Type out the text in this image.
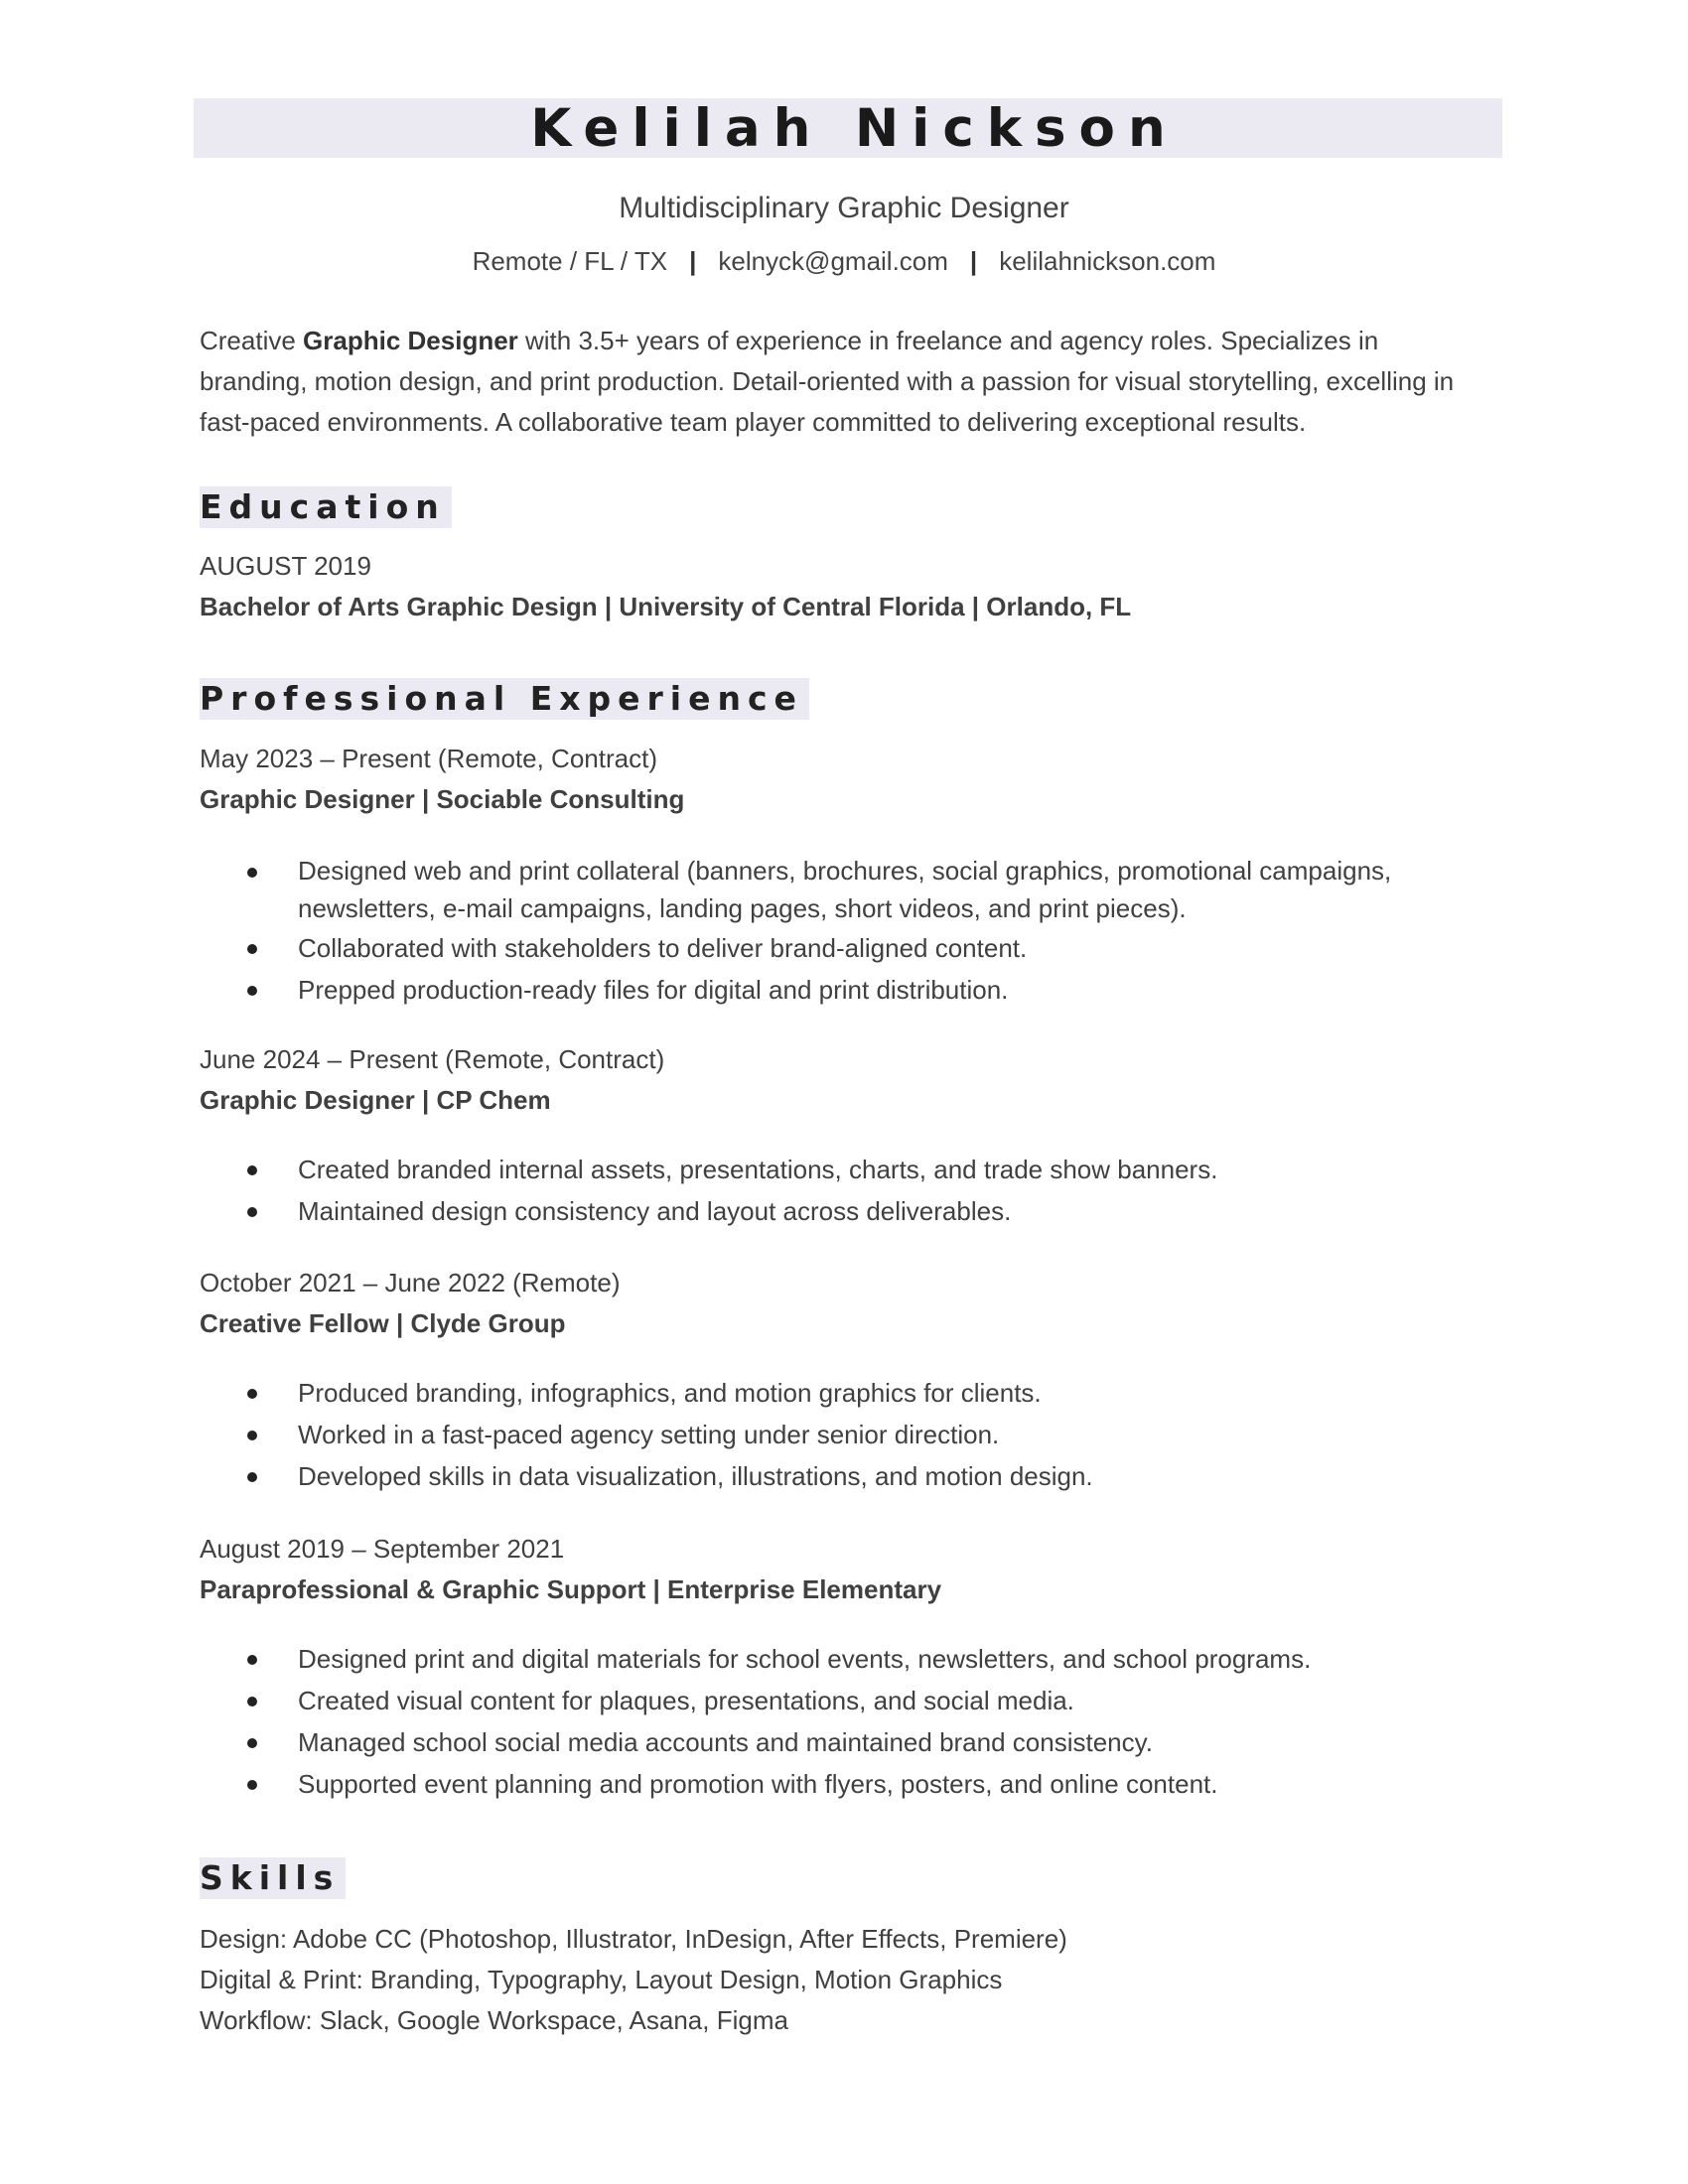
Kelilah Nickson
Multidisciplinary Graphic Designer
Remote / FL / TX | kelnyck@gmail.com | kelilahnickson.com
Creative Graphic Designer with 3.5+ years of experience in freelance and agency roles. Specializes in branding, motion design, and print production. Detail-oriented with a passion for visual storytelling, excelling in fast-paced environments. A collaborative team player committed to delivering exceptional results.
Education
AUGUST 2019
Bachelor of Arts Graphic Design | University of Central Florida | Orlando, FL
Professional Experience
May 2023 – Present (Remote, Contract)
Graphic Designer | Sociable Consulting
Designed web and print collateral (banners, brochures, social graphics, promotional campaigns, newsletters, e-mail campaigns, landing pages, short videos, and print pieces).
Collaborated with stakeholders to deliver brand-aligned content.
Prepped production-ready files for digital and print distribution.
June 2024 – Present (Remote, Contract)
Graphic Designer | CP Chem
Created branded internal assets, presentations, charts, and trade show banners.
Maintained design consistency and layout across deliverables.
October 2021 – June 2022 (Remote)
Creative Fellow | Clyde Group
Produced branding, infographics, and motion graphics for clients.
Worked in a fast-paced agency setting under senior direction.
Developed skills in data visualization, illustrations, and motion design.
August 2019 – September 2021
Paraprofessional & Graphic Support | Enterprise Elementary
Designed print and digital materials for school events, newsletters, and school programs.
Created visual content for plaques, presentations, and social media.
Managed school social media accounts and maintained brand consistency.
Supported event planning and promotion with flyers, posters, and online content.
Skills
Design: Adobe CC (Photoshop, Illustrator, InDesign, After Effects, Premiere)
Digital & Print: Branding, Typography, Layout Design, Motion Graphics
Workflow: Slack, Google Workspace, Asana, Figma
